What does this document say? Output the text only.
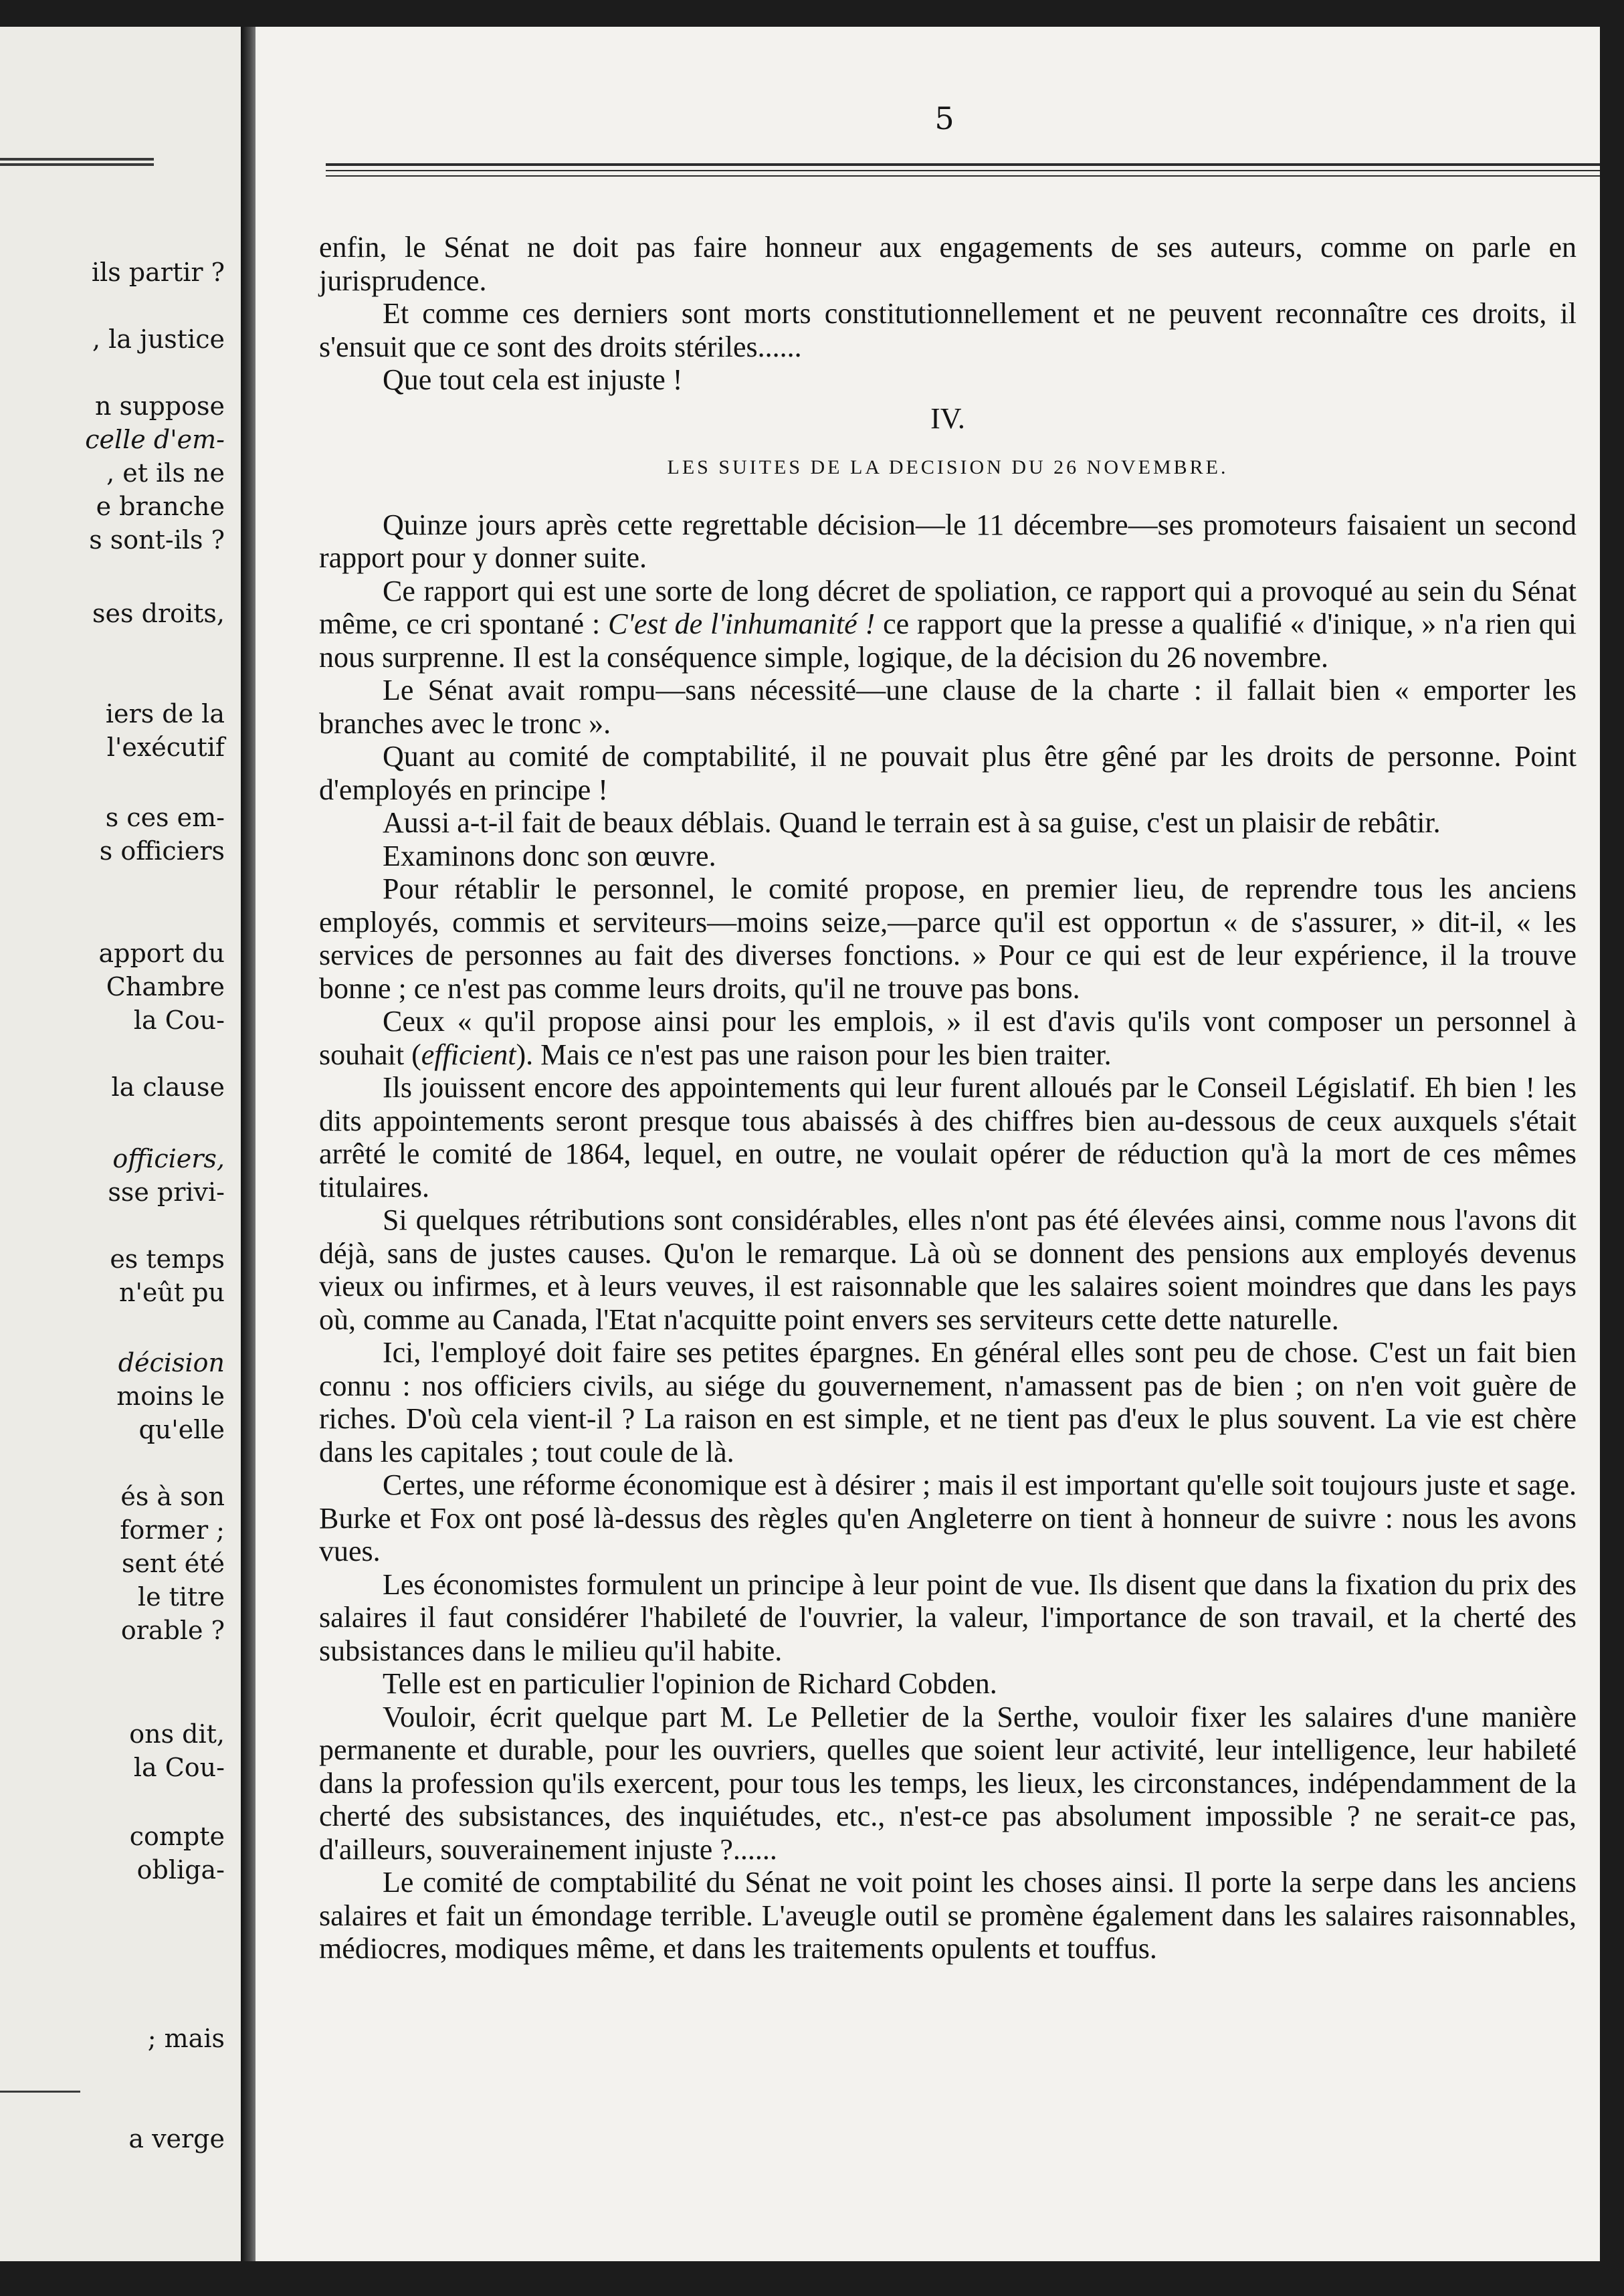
ils partir ?
, la justice
n suppose
celle d'em-
, et ils ne
e branche
s sont-ils ?
ses droits,
iers de la
l'exécutif
s ces em-
s officiers
apport du
Chambre
la Cou-
la clause
officiers,
sse privi-
es temps
n'eût pu
décision
moins le
qu'elle
és à son
former ;
sent été
le titre
orable ?
ons dit,
la Cou-
compte
obliga-
; mais
a verge
5

enfin, le Sénat ne doit pas faire honneur aux engagements de ses auteurs, comme on parle en jurisprudence.

Et comme ces derniers sont morts constitutionnellement et ne peuvent reconnaître ces droits, il s'ensuit que ce sont des droits stériles......

Que tout cela est injuste !

IV.
LES SUITES DE LA DECISION DU 26 NOVEMBRE.

Quinze jours après cette regrettable décision—le 11 décembre—ses promoteurs faisaient un second rapport pour y donner suite.

Ce rapport qui est une sorte de long décret de spoliation, ce rapport qui a provoqué au sein du Sénat même, ce cri spontané : C'est de l'inhumanité ! ce rapport que la presse a qualifié « d'inique, » n'a rien qui nous surprenne. Il est la conséquence simple, logique, de la décision du 26 novembre.

Le Sénat avait rompu—sans nécessité—une clause de la charte : il fallait bien « emporter les branches avec le tronc ».

Quant au comité de comptabilité, il ne pouvait plus être gêné par les droits de personne. Point d'employés en principe !

Aussi a-t-il fait de beaux déblais. Quand le terrain est à sa guise, c'est un plaisir de rebâtir.

Examinons donc son œuvre.

Pour rétablir le personnel, le comité propose, en premier lieu, de reprendre tous les anciens employés, commis et serviteurs—moins seize,—parce qu'il est opportun « de s'assurer, » dit-il, « les services de personnes au fait des diverses fonctions. » Pour ce qui est de leur expérience, il la trouve bonne ; ce n'est pas comme leurs droits, qu'il ne trouve pas bons.

Ceux « qu'il propose ainsi pour les emplois, » il est d'avis qu'ils vont composer un personnel à souhait (efficient). Mais ce n'est pas une raison pour les bien traiter.

Ils jouissent encore des appointements qui leur furent alloués par le Conseil Législatif. Eh bien ! les dits appointements seront presque tous abaissés à des chiffres bien au-dessous de ceux auxquels s'était arrêté le comité de 1864, lequel, en outre, ne voulait opérer de réduction qu'à la mort de ces mêmes titulaires.

Si quelques rétributions sont considérables, elles n'ont pas été élevées ainsi, comme nous l'avons dit déjà, sans de justes causes. Qu'on le remarque. Là où se donnent des pensions aux employés devenus vieux ou infirmes, et à leurs veuves, il est raisonnable que les salaires soient moindres que dans les pays où, comme au Canada, l'Etat n'acquitte point envers ses serviteurs cette dette naturelle.

Ici, l'employé doit faire ses petites épargnes. En général elles sont peu de chose. C'est un fait bien connu : nos officiers civils, au siége du gouvernement, n'amassent pas de bien ; on n'en voit guère de riches. D'où cela vient-il ? La raison en est simple, et ne tient pas d'eux le plus souvent. La vie est chère dans les capitales ; tout coule de là.

Certes, une réforme économique est à désirer ; mais il est important qu'elle soit toujours juste et sage. Burke et Fox ont posé là-dessus des règles qu'en Angleterre on tient à honneur de suivre : nous les avons vues.

Les économistes formulent un principe à leur point de vue. Ils disent que dans la fixation du prix des salaires il faut considérer l'habileté de l'ouvrier, la valeur, l'importance de son travail, et la cherté des subsistances dans le milieu qu'il habite.

Telle est en particulier l'opinion de Richard Cobden.

Vouloir, écrit quelque part M. Le Pelletier de la Serthe, vouloir fixer les salaires d'une manière permanente et durable, pour les ouvriers, quelles que soient leur activité, leur intelligence, leur habileté dans la profession qu'ils exercent, pour tous les temps, les lieux, les circonstances, indépendamment de la cherté des subsistances, des inquiétudes, etc., n'est-ce pas absolument impossible ? ne serait-ce pas, d'ailleurs, souverainement injuste ?......

Le comité de comptabilité du Sénat ne voit point les choses ainsi. Il porte la serpe dans les anciens salaires et fait un émondage terrible. L'aveugle outil se promène également dans les salaires raisonnables, médiocres, modiques même, et dans les traitements opulents et touffus.
